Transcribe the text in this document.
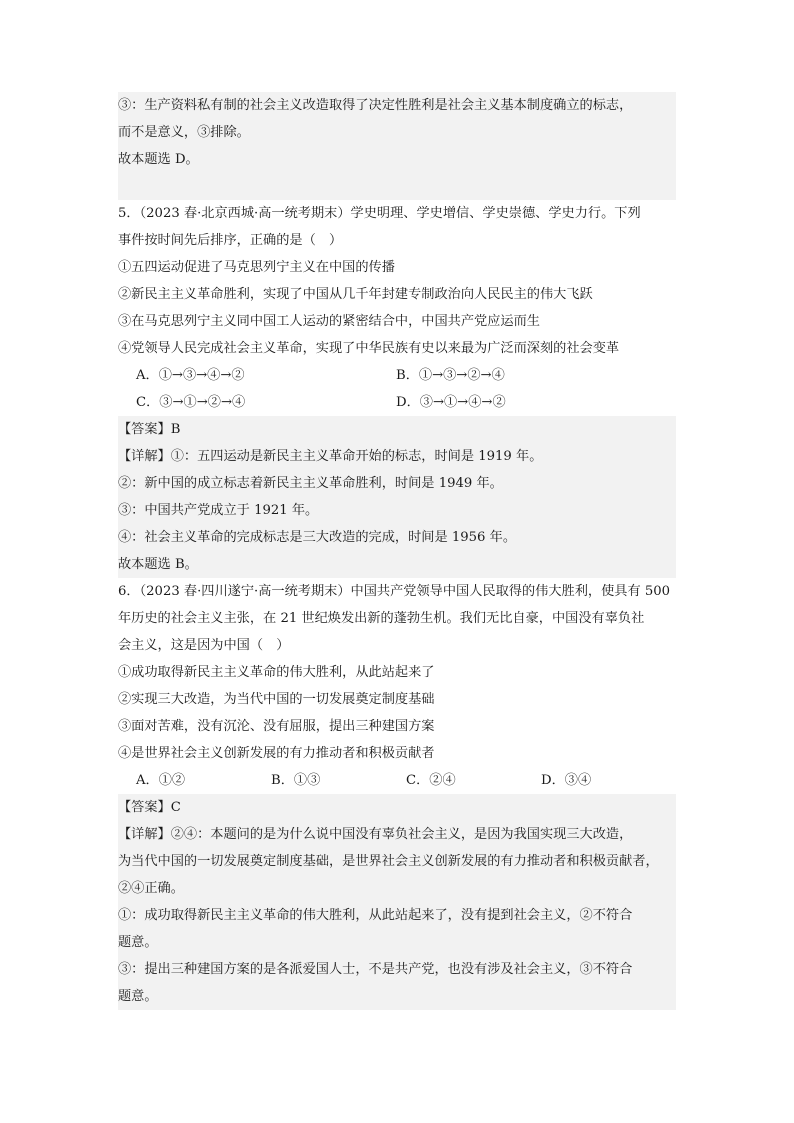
③：生产资料私有制的社会主义改造取得了决定性胜利是社会主义基本制度确立的标志，
而不是意义，③排除。
故本题选 D。
5．（2023 春·北京西城·高一统考期末）学史明理、学史增信、学史崇德、学史力行。下列
事件按时间先后排序，正确的是（　）
①五四运动促进了马克思列宁主义在中国的传播
②新民主主义革命胜利，实现了中国从几千年封建专制政治向人民民主的伟大飞跃
③在马克思列宁主义同中国工人运动的紧密结合中，中国共产党应运而生
④党领导人民完成社会主义革命，实现了中华民族有史以来最为广泛而深刻的社会变革
A．①→③→④→②	B．①→③→②→④
C．③→①→②→④	D．③→①→④→②
【答案】B
【详解】①：五四运动是新民主主义革命开始的标志，时间是 1919 年。
②：新中国的成立标志着新民主主义革命胜利，时间是 1949 年。
③：中国共产党成立于 1921 年。
④：社会主义革命的完成标志是三大改造的完成，时间是 1956 年。
故本题选 B。
6．（2023 春·四川遂宁·高一统考期末）中国共产党领导中国人民取得的伟大胜利，使具有 500
年历史的社会主义主张，在 21 世纪焕发出新的蓬勃生机。我们无比自豪，中国没有辜负社
会主义，这是因为中国（　）
①成功取得新民主主义革命的伟大胜利，从此站起来了
②实现三大改造，为当代中国的一切发展奠定制度基础
③面对苦难，没有沉沦、没有屈服，提出三种建国方案
④是世界社会主义创新发展的有力推动者和积极贡献者
A．①②	B．①③	C．②④	D．③④
【答案】C
【详解】②④：本题问的是为什么说中国没有辜负社会主义，是因为我国实现三大改造，
为当代中国的一切发展奠定制度基础，是世界社会主义创新发展的有力推动者和积极贡献者，
②④正确。
①：成功取得新民主主义革命的伟大胜利，从此站起来了，没有提到社会主义，②不符合
题意。
③：提出三种建国方案的是各派爱国人士，不是共产党，也没有涉及社会主义，③不符合
题意。
